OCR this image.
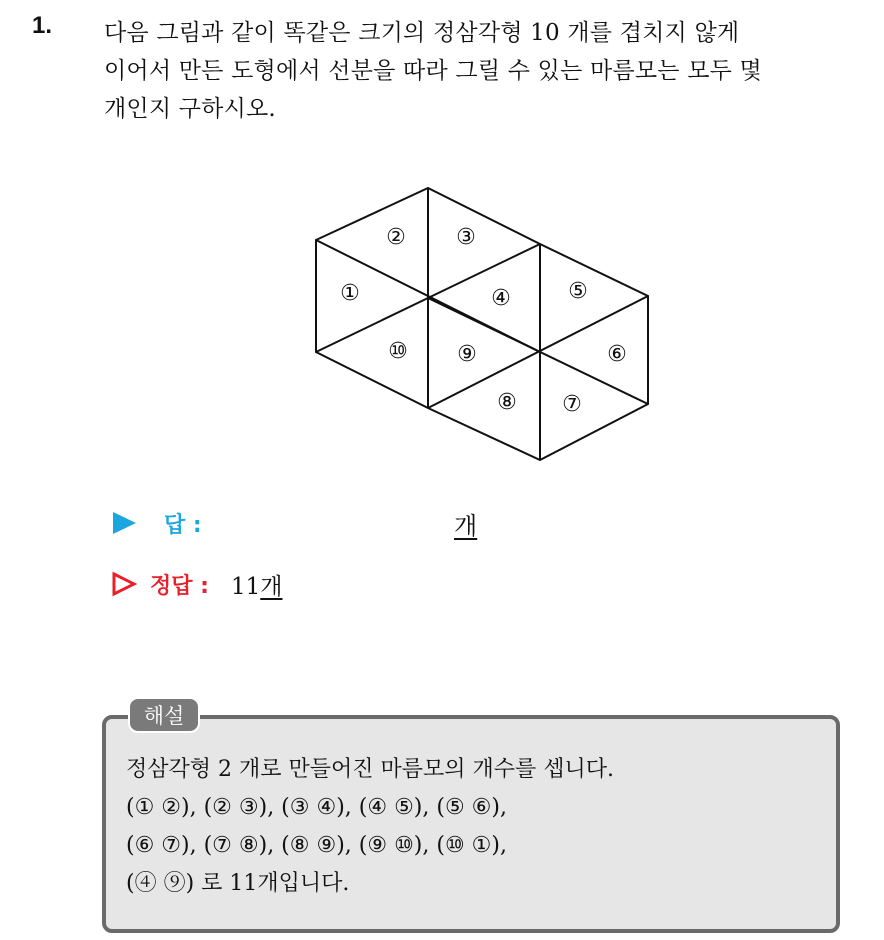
1. 다음 그림과 같이 똑같은 크기의 정삼각형 10 개를 겹치지 않게
이어서 만든 도형에서 선분을 따라 그릴 수 있는 마름모는 모두 몇
개인지 구하시오.
①
② ③
④	⑤
⑥
⑦
⑧
⑨
⑩
답 :	개
정답 : 11개
해설
정삼각형 2 개로 만들어진 마름모의 개수를 셉니다.
(① ②), (② ③), (③ ④), (④ ⑤), (⑤ ⑥),
(⑥ ⑦), (⑦ ⑧), (⑧ ⑨), (⑨ ⑩), (⑩ ①),
(④ ⑨) 로 11개입니다.
